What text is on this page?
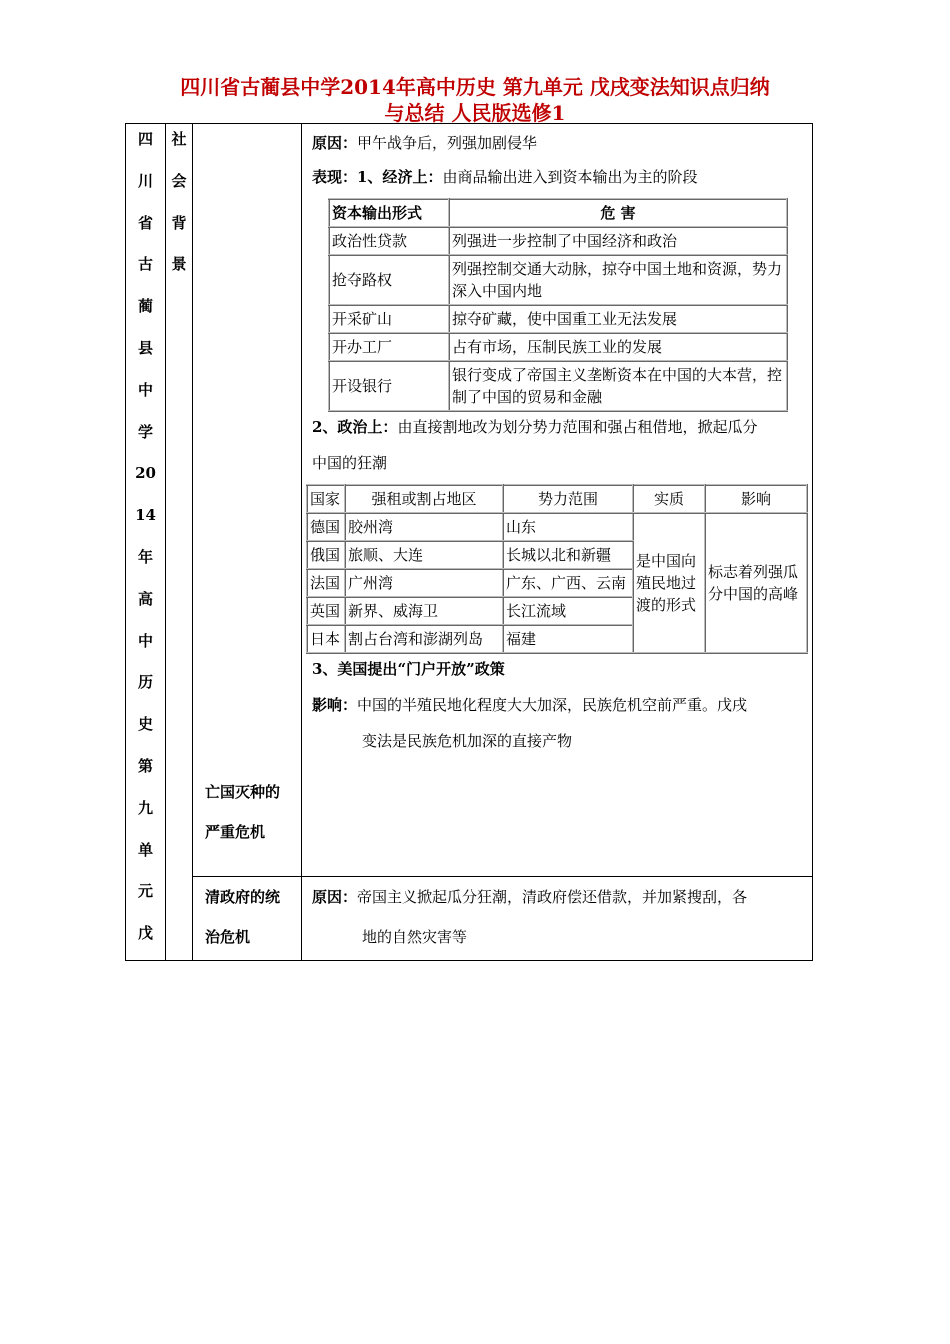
四川省古蔺县中学2014年高中历史 第九单元 戊戌变法知识点归纳
与总结 人民版选修1
四
川
省
古
蔺
县
中
学
20
14
年
高
中
历
史
第
九
单
元
戊

社
会
背
景

亡国灭种的
严重危机

原因：甲午战争后，列强加剧侵华
表现：1、经济上：由商品输出进入到资本输出为主的阶段
资本输出形式	危 害
政治性贷款	列强进一步控制了中国经济和政治
抢夺路权	列强控制交通大动脉，掠夺中国土地和资源，势力深入中国内地
开采矿山	掠夺矿藏，使中国重工业无法发展
开办工厂	占有市场，压制民族工业的发展
开设银行	银行变成了帝国主义垄断资本在中国的大本营，控制了中国的贸易和金融
2、政治上：由直接割地改为划分势力范围和强占租借地，掀起瓜分
中国的狂潮
国家	强租或割占地区	势力范围	实质	影响
德国	胶州湾	山东	是中国向殖民地过渡的形式	标志着列强瓜分中国的高峰
俄国	旅顺、大连	长城以北和新疆
法国	广州湾	广东、广西、云南
英国	新界、威海卫	长江流域
日本	割占台湾和澎湖列岛	福建
3、美国提出“门户开放”政策
影响：中国的半殖民地化程度大大加深，民族危机空前严重。戊戌
变法是民族危机加深的直接产物

清政府的统
治危机

原因：帝国主义掀起瓜分狂潮，清政府偿还借款，并加紧搜刮，各
地的自然灾害等
